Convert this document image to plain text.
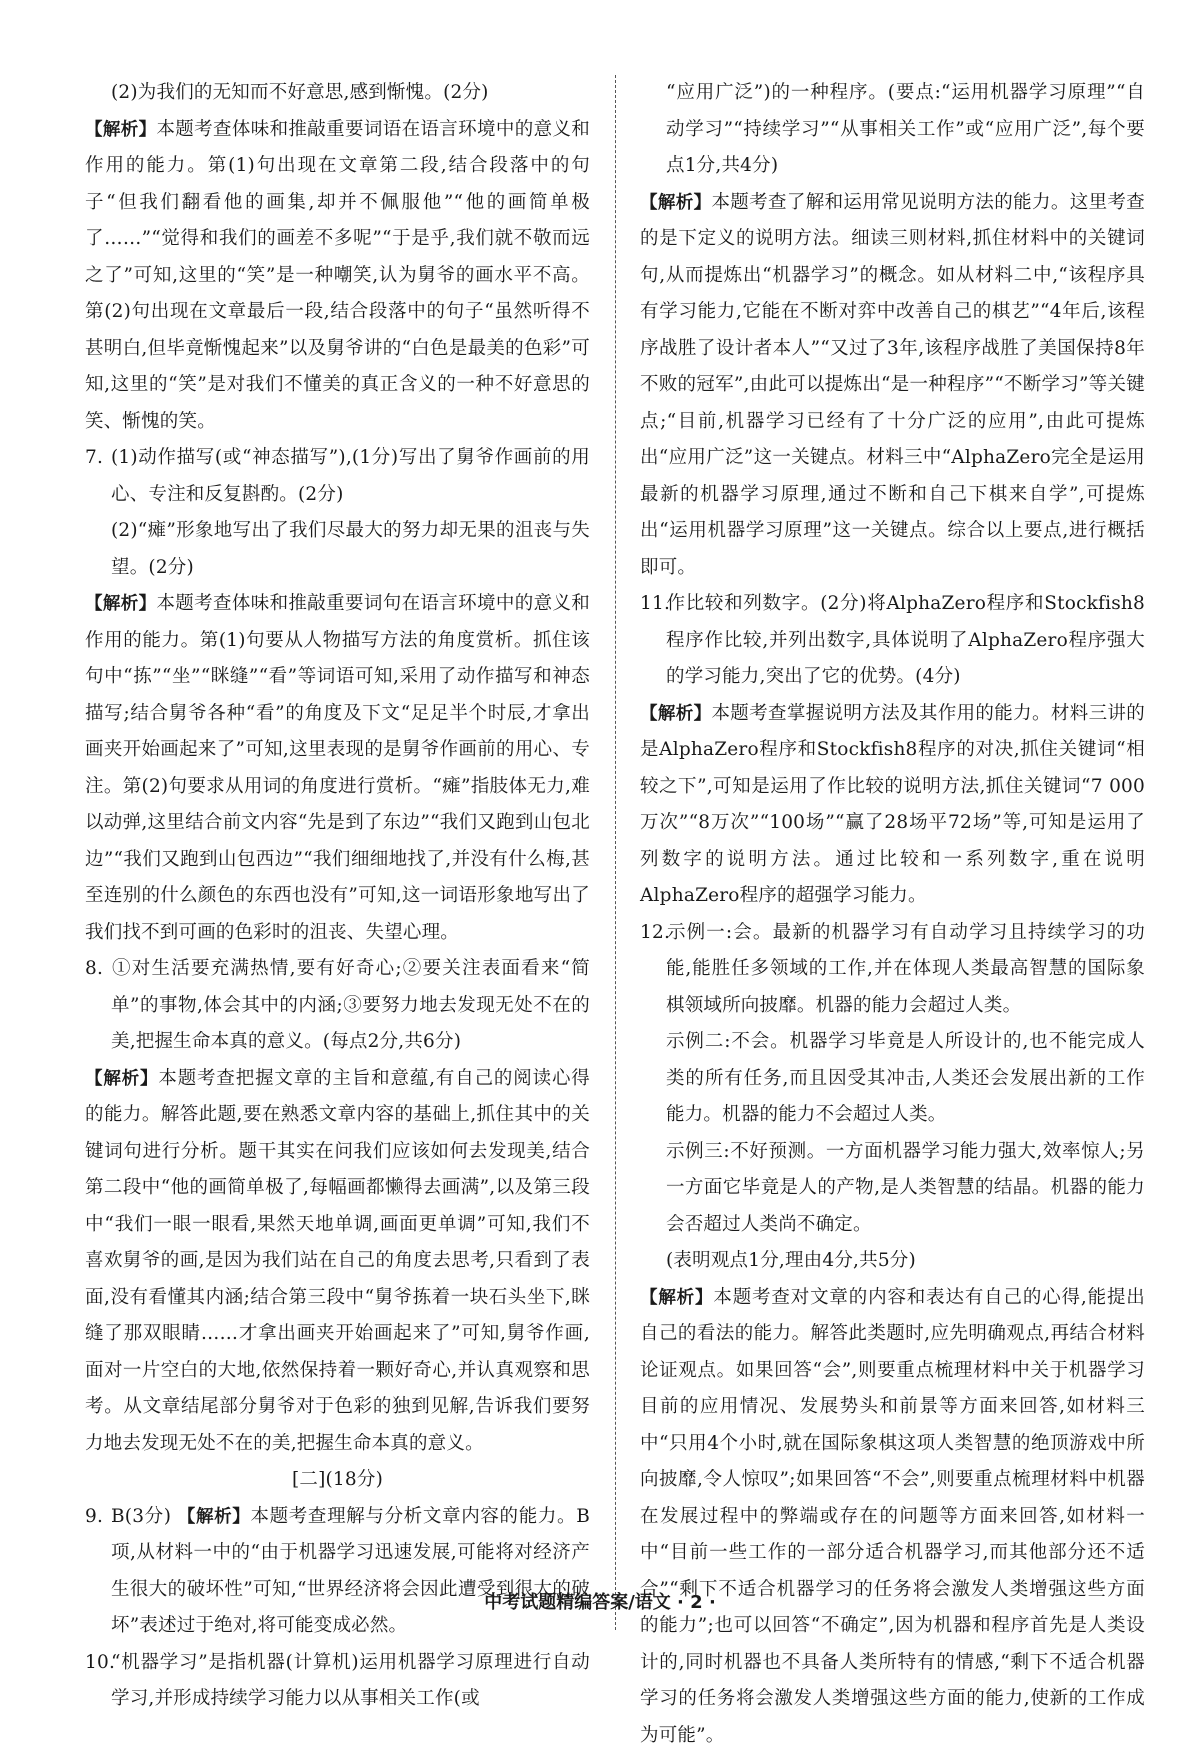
(2)为我们的无知而不好意思,感到惭愧。(2分)

【解析】本题考查体味和推敲重要词语在语言环境中的意义和作用的能力。第(1)句出现在文章第二段,结合段落中的句子“但我们翻看他的画集,却并不佩服他”“他的画简单极了……”“觉得和我们的画差不多呢”“于是乎,我们就不敬而远之了”可知,这里的“笑”是一种嘲笑,认为舅爷的画水平不高。第(2)句出现在文章最后一段,结合段落中的句子“虽然听得不甚明白,但毕竟惭愧起来”以及舅爷讲的“白色是最美的色彩”可知,这里的“笑”是对我们不懂美的真正含义的一种不好意思的笑、惭愧的笑。

7. (1)动作描写(或“神态描写”),(1分)写出了舅爷作画前的用心、专注和反复斟酌。(2分)

(2)“瘫”形象地写出了我们尽最大的努力却无果的沮丧与失望。(2分)

【解析】本题考查体味和推敲重要词句在语言环境中的意义和作用的能力。第(1)句要从人物描写方法的角度赏析。抓住该句中“拣”“坐”“眯缝”“看”等词语可知,采用了动作描写和神态描写;结合舅爷各种“看”的角度及下文“足足半个时辰,才拿出画夹开始画起来了”可知,这里表现的是舅爷作画前的用心、专注。第(2)句要求从用词的角度进行赏析。“瘫”指肢体无力,难以动弹,这里结合前文内容“先是到了东边”“我们又跑到山包北边”“我们又跑到山包西边”“我们细细地找了,并没有什么梅,甚至连别的什么颜色的东西也没有”可知,这一词语形象地写出了我们找不到可画的色彩时的沮丧、失望心理。

8. ①对生活要充满热情,要有好奇心;②要关注表面看来“简单”的事物,体会其中的内涵;③要努力地去发现无处不在的美,把握生命本真的意义。(每点2分,共6分)

【解析】本题考查把握文章的主旨和意蕴,有自己的阅读心得的能力。解答此题,要在熟悉文章内容的基础上,抓住其中的关键词句进行分析。题干其实在问我们应该如何去发现美,结合第二段中“他的画简单极了,每幅画都懒得去画满”,以及第三段中“我们一眼一眼看,果然天地单调,画面更单调”可知,我们不喜欢舅爷的画,是因为我们站在自己的角度去思考,只看到了表面,没有看懂其内涵;结合第三段中“舅爷拣着一块石头坐下,眯缝了那双眼睛……才拿出画夹开始画起来了”可知,舅爷作画,面对一片空白的大地,依然保持着一颗好奇心,并认真观察和思考。从文章结尾部分舅爷对于色彩的独到见解,告诉我们要努力地去发现无处不在的美,把握生命本真的意义。

[二](18分)

9. B(3分) 【解析】本题考查理解与分析文章内容的能力。B项,从材料一中的“由于机器学习迅速发展,可能将对经济产生很大的破坏性”可知,“世界经济将会因此遭受到很大的破坏”表述过于绝对,将可能变成必然。

10.“机器学习”是指机器(计算机)运用机器学习原理进行自动学习,并形成持续学习能力以从事相关工作(或

“应用广泛”)的一种程序。(要点:“运用机器学习原理”“自动学习”“持续学习”“从事相关工作”或“应用广泛”,每个要点1分,共4分)

【解析】本题考查了解和运用常见说明方法的能力。这里考查的是下定义的说明方法。细读三则材料,抓住材料中的关键词句,从而提炼出“机器学习”的概念。如从材料二中,“该程序具有学习能力,它能在不断对弈中改善自己的棋艺”“4年后,该程序战胜了设计者本人”“又过了3年,该程序战胜了美国保持8年不败的冠军”,由此可以提炼出“是一种程序”“不断学习”等关键点;“目前,机器学习已经有了十分广泛的应用”,由此可提炼出“应用广泛”这一关键点。材料三中“AlphaZero完全是运用最新的机器学习原理,通过不断和自己下棋来自学”,可提炼出“运用机器学习原理”这一关键点。综合以上要点,进行概括即可。

11.作比较和列数字。(2分)将AlphaZero程序和Stockfish8程序作比较,并列出数字,具体说明了AlphaZero程序强大的学习能力,突出了它的优势。(4分)

【解析】本题考查掌握说明方法及其作用的能力。材料三讲的是AlphaZero程序和Stockfish8程序的对决,抓住关键词“相较之下”,可知是运用了作比较的说明方法,抓住关键词“7 000万次”“8万次”“100场”“赢了28场平72场”等,可知是运用了列数字的说明方法。通过比较和一系列数字,重在说明AlphaZero程序的超强学习能力。

12.示例一:会。最新的机器学习有自动学习且持续学习的功能,能胜任多领域的工作,并在体现人类最高智慧的国际象棋领域所向披靡。机器的能力会超过人类。

示例二:不会。机器学习毕竟是人所设计的,也不能完成人类的所有任务,而且因受其冲击,人类还会发展出新的工作能力。机器的能力不会超过人类。

示例三:不好预测。一方面机器学习能力强大,效率惊人;另一方面它毕竟是人的产物,是人类智慧的结晶。机器的能力会否超过人类尚不确定。

(表明观点1分,理由4分,共5分)

【解析】本题考查对文章的内容和表达有自己的心得,能提出自己的看法的能力。解答此类题时,应先明确观点,再结合材料论证观点。如果回答“会”,则要重点梳理材料中关于机器学习目前的应用情况、发展势头和前景等方面来回答,如材料三中“只用4个小时,就在国际象棋这项人类智慧的绝顶游戏中所向披靡,令人惊叹”;如果回答“不会”,则要重点梳理材料中机器在发展过程中的弊端或存在的问题等方面来回答,如材料一中“目前一些工作的一部分适合机器学习,而其他部分还不适合”“剩下不适合机器学习的任务将会激发人类增强这些方面的能力”;也可以回答“不确定”,因为机器和程序首先是人类设计的,同时机器也不具备人类所特有的情感,“剩下不适合机器学习的任务将会激发人类增强这些方面的能力,使新的工作成为可能”。

中考试题精编答案/语文 · 2 ·
